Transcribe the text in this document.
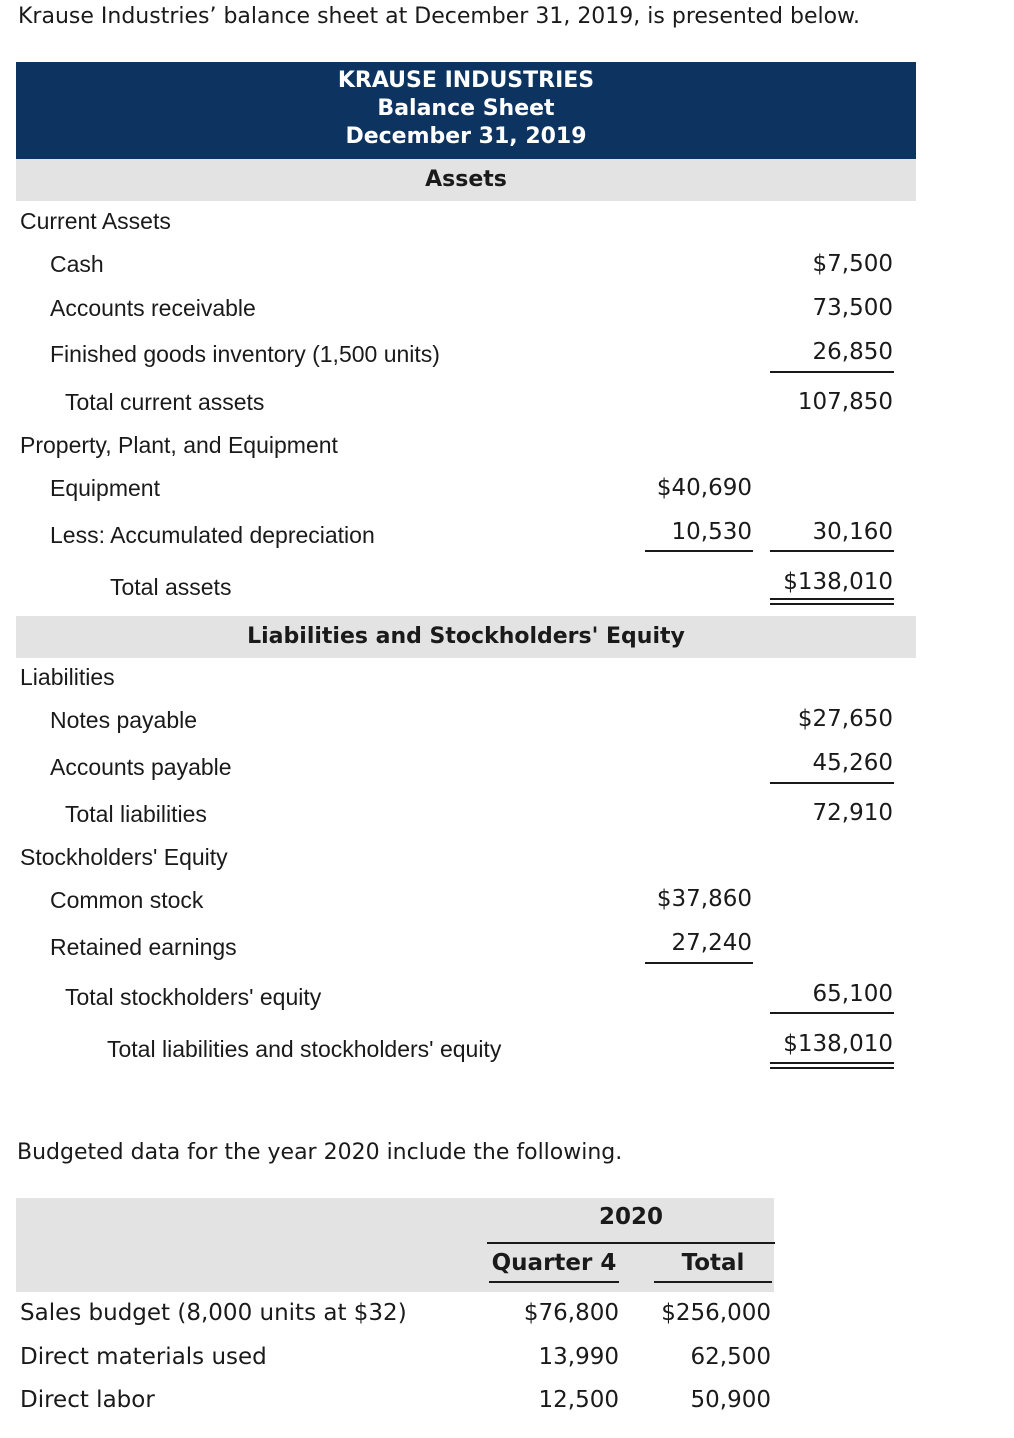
Krause Industries’ balance sheet at December 31, 2019, is presented below.
KRAUSE INDUSTRIES
Balance Sheet
December 31, 2019
Assets
Current Assets
Cash	$7,500
Accounts receivable	73,500
Finished goods inventory (1,500 units)	26,850
Total current assets	107,850
Property, Plant, and Equipment
Equipment	$40,690
Less: Accumulated depreciation	10,530	30,160
Total assets	$138,010
Liabilities and Stockholders' Equity
Liabilities
Notes payable	$27,650
Accounts payable	45,260
Total liabilities	72,910
Stockholders' Equity
Common stock	$37,860
Retained earnings	27,240
Total stockholders' equity	65,100
Total liabilities and stockholders' equity	$138,010
Budgeted data for the year 2020 include the following.
2020
Quarter 4	Total
Sales budget (8,000 units at $32)	$76,800 $256,000
Direct materials used	13,990	62,500
Direct labor	12,500	50,900
